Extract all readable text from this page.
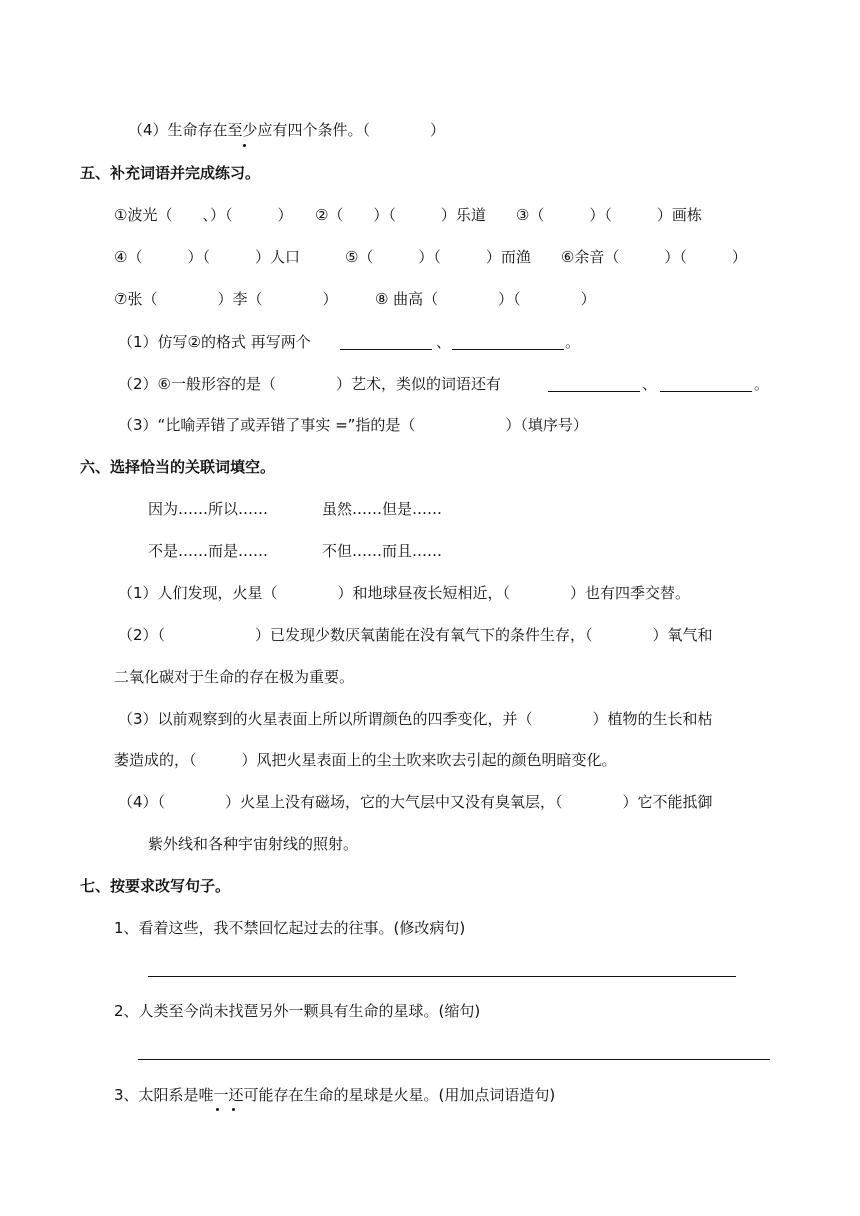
（4）生命存在至少应有四个条件。（　　　　）
五、补充词语并完成练习。
①波光（　　、）（　　　）　　②（　　）（　　　）乐道　　③（　　　）（　　　）画栋
④（　　　）（　　　）人口　　　⑤（　　　）（　　　）而渔　　⑥余音（　　　）（　　　）
⑦张（　　　　）李（　　　　）　　　⑧ 曲高（　　　　）（　　　　）
（1）仿写②的格式 再写两个	、	。
（2）⑥一般形容的是（　　　　）艺术，类似的词语还有	、	。
（3）“比喻弄错了或弄错了事实 =”指的是（　　　　　　）（填序号）
六、选择恰当的关联词填空。
因为……所以……	虽然……但是……
不是……而是……	不但……而且……
（1）人们发现，火星（　　　　）和地球昼夜长短相近，（　　　　）也有四季交替。
（2）（　　　　　　）已发现少数厌氧菌能在没有氧气下的条件生存，（　　　　）氧气和
二氧化碳对于生命的存在极为重要。
（3）以前观察到的火星表面上所以所谓颜色的四季变化，并（　　　　）植物的生长和枯
萎造成的，（　　　）风把火星表面上的尘土吹来吹去引起的颜色明暗变化。
（4）（　　　　）火星上没有磁场，它的大气层中又没有臭氧层，（　　　　）它不能抵御
紫外线和各种宇宙射线的照射。
七、按要求改写句子。
1、看着这些，我不禁回忆起过去的往事。(修改病句)
2、人类至今尚未找琶另外一颗具有生命的星球。(缩句)
3、太阳系是唯一还可能存在生命的星球是火星。(用加点词语造句)
